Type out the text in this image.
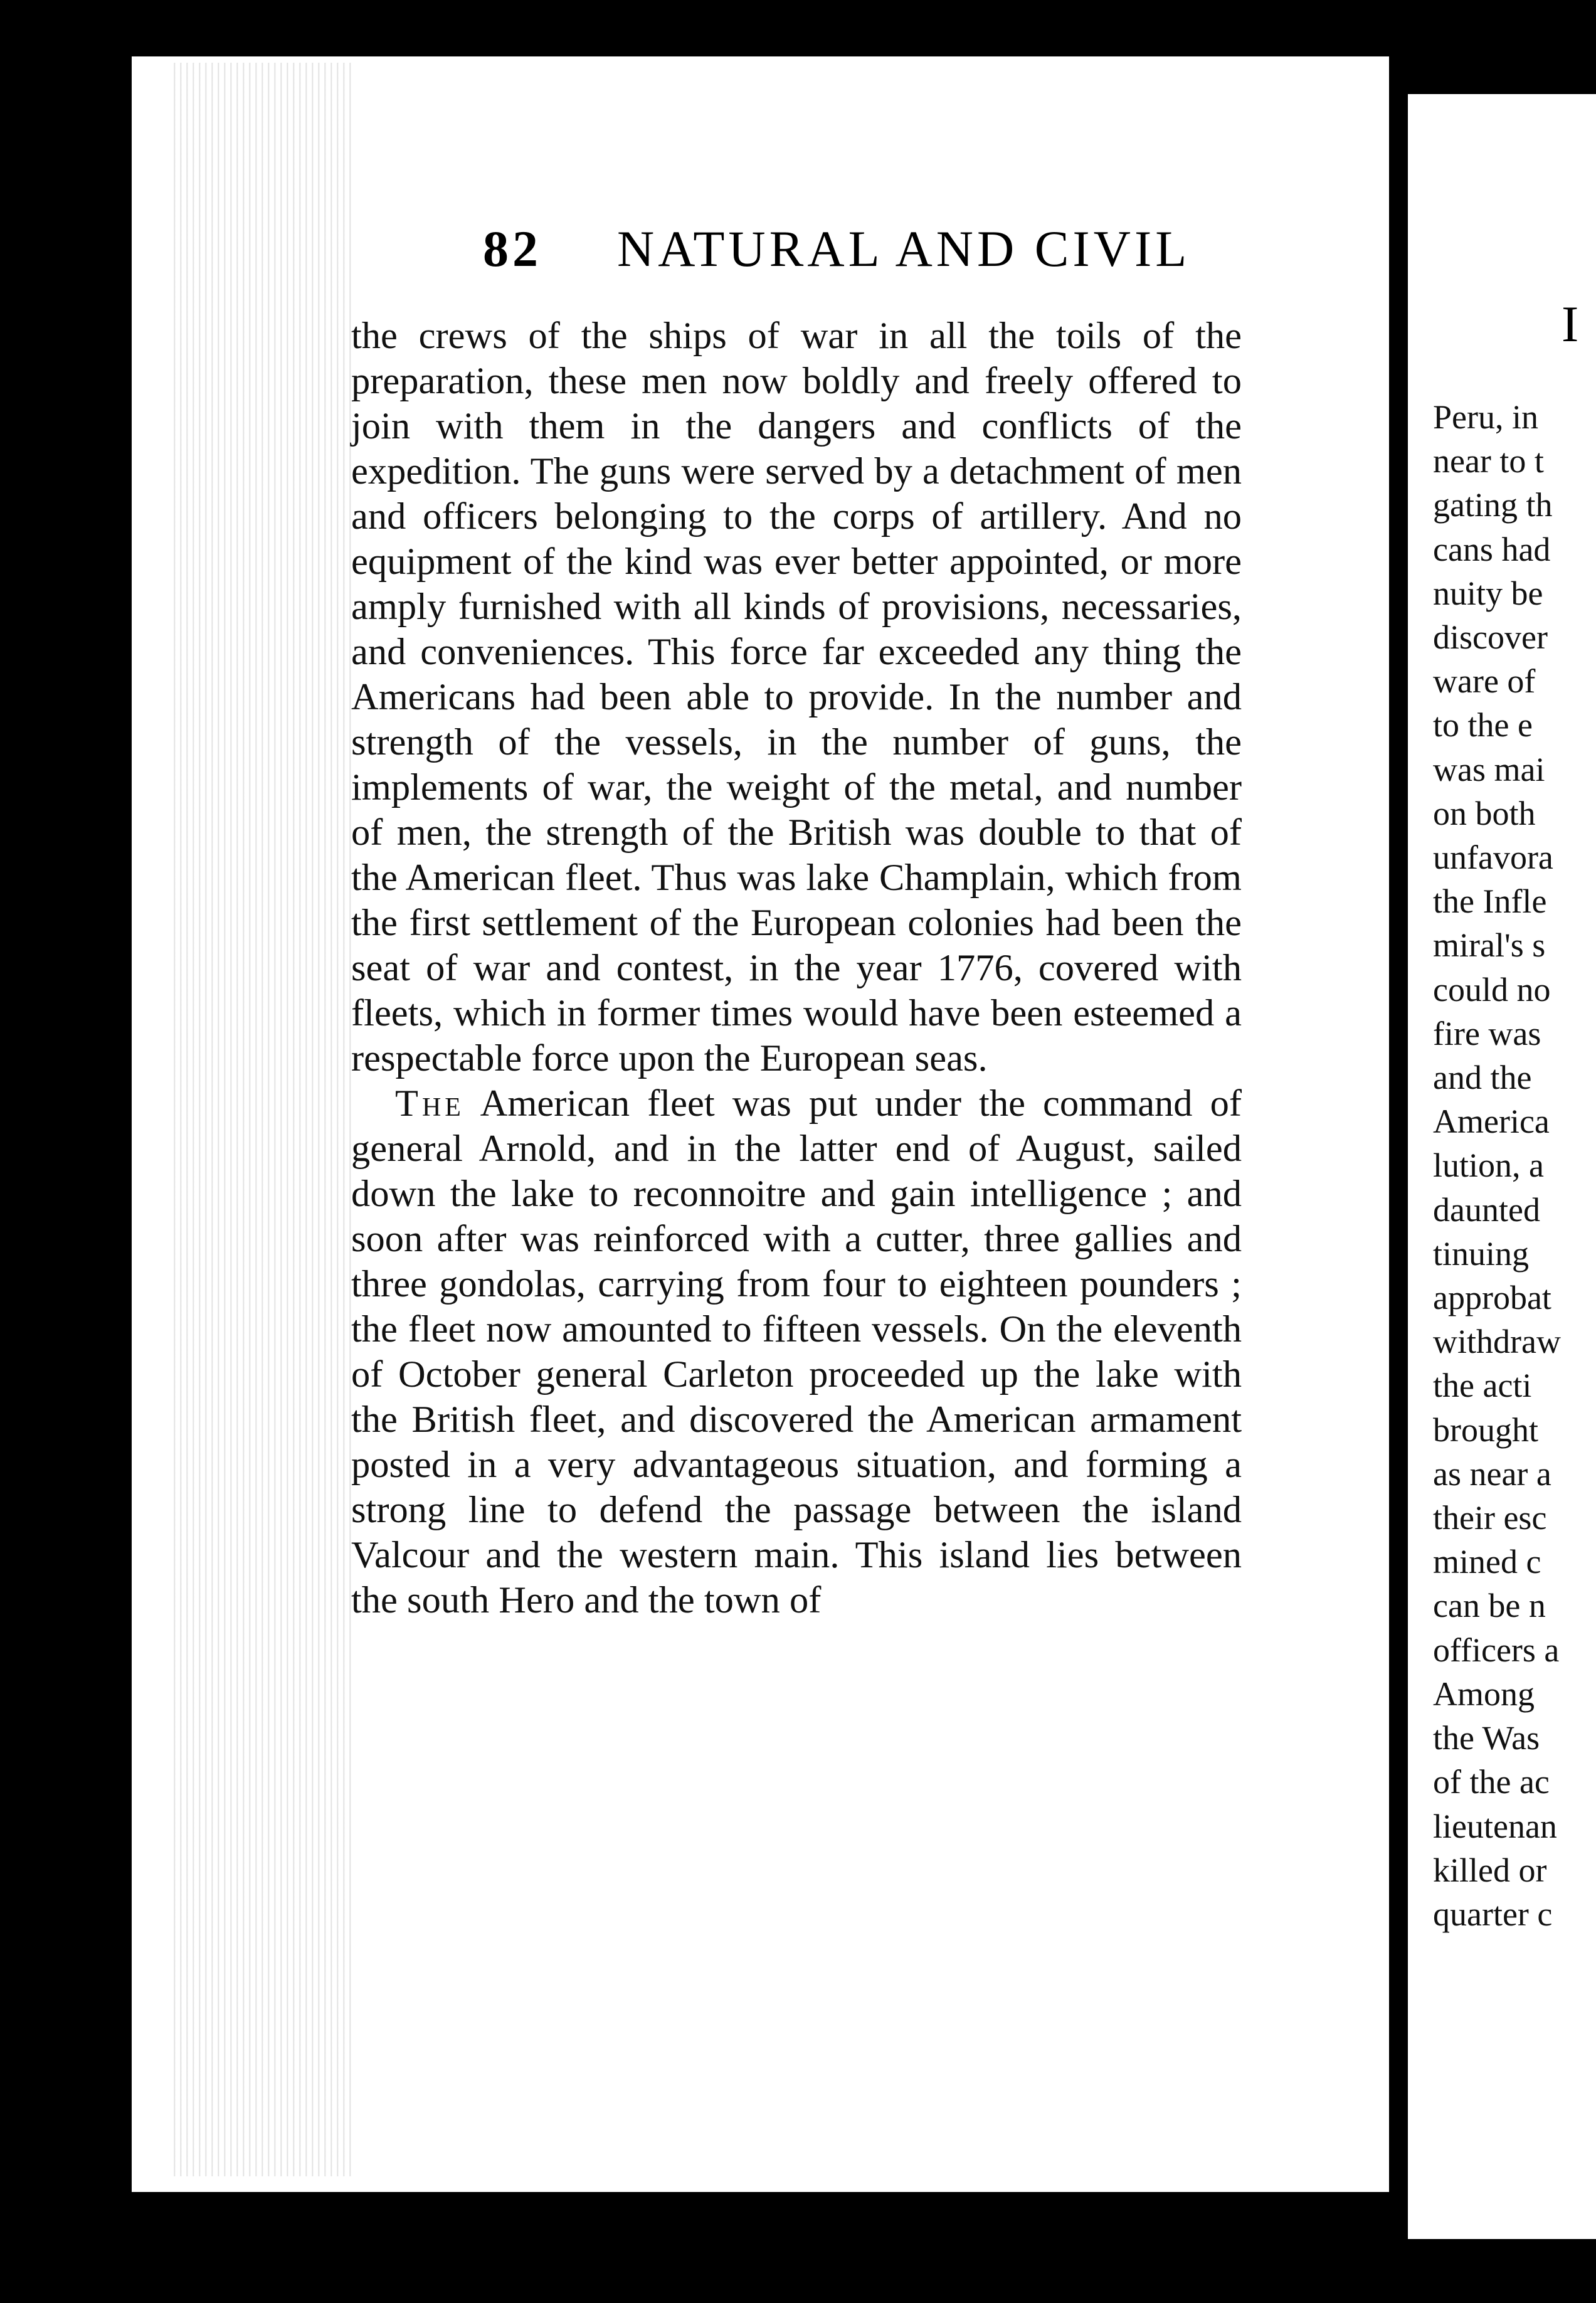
82 NATURAL AND CIVIL

the crews of the ships of war in all the toils of the preparation, these men now boldly and freely offered to join with them in the dangers and conflicts of the expedition. The guns were served by a detachment of men and officers belonging to the corps of artillery. And no equipment of the kind was ever better appointed, or more amply furnished with all kinds of provisions, necessaries, and conveniences. This force far exceeded any thing the Americans had been able to provide. In the number and strength of the vessels, in the number of guns, the implements of war, the weight of the metal, and number of men, the strength of the British was double to that of the American fleet. Thus was lake Champlain, which from the first settlement of the European colonies had been the seat of war and contest, in the year 1776, covered with fleets, which in former times would have been esteemed a respectable force upon the European seas.

The American fleet was put under the command of general Arnold, and in the latter end of August, sailed down the lake to reconnoitre and gain intelligence ; and soon after was reinforced with a cutter, three gallies and three gondolas, carrying from four to eighteen pounders ; the fleet now amounted to fifteen vessels. On the eleventh of October general Carleton proceeded up the lake with the British fleet, and discovered the American armament posted in a very advantageous situation, and forming a strong line to defend the passage between the island Valcour and the western main. This island lies between the south Hero and the town of

I
Peru, in
near to t
gating th
cans had
nuity be
discover
ware of
to the e
was mai
on both
unfavora
the Infle
miral's s
could no
fire was
and the
America
lution, a
daunted
tinuing
approbat
withdraw
the acti
brought
as near a
their esc
mined c
can be n
officers a
Among
the Was
of the ac
lieutenan
killed or
quarter c
